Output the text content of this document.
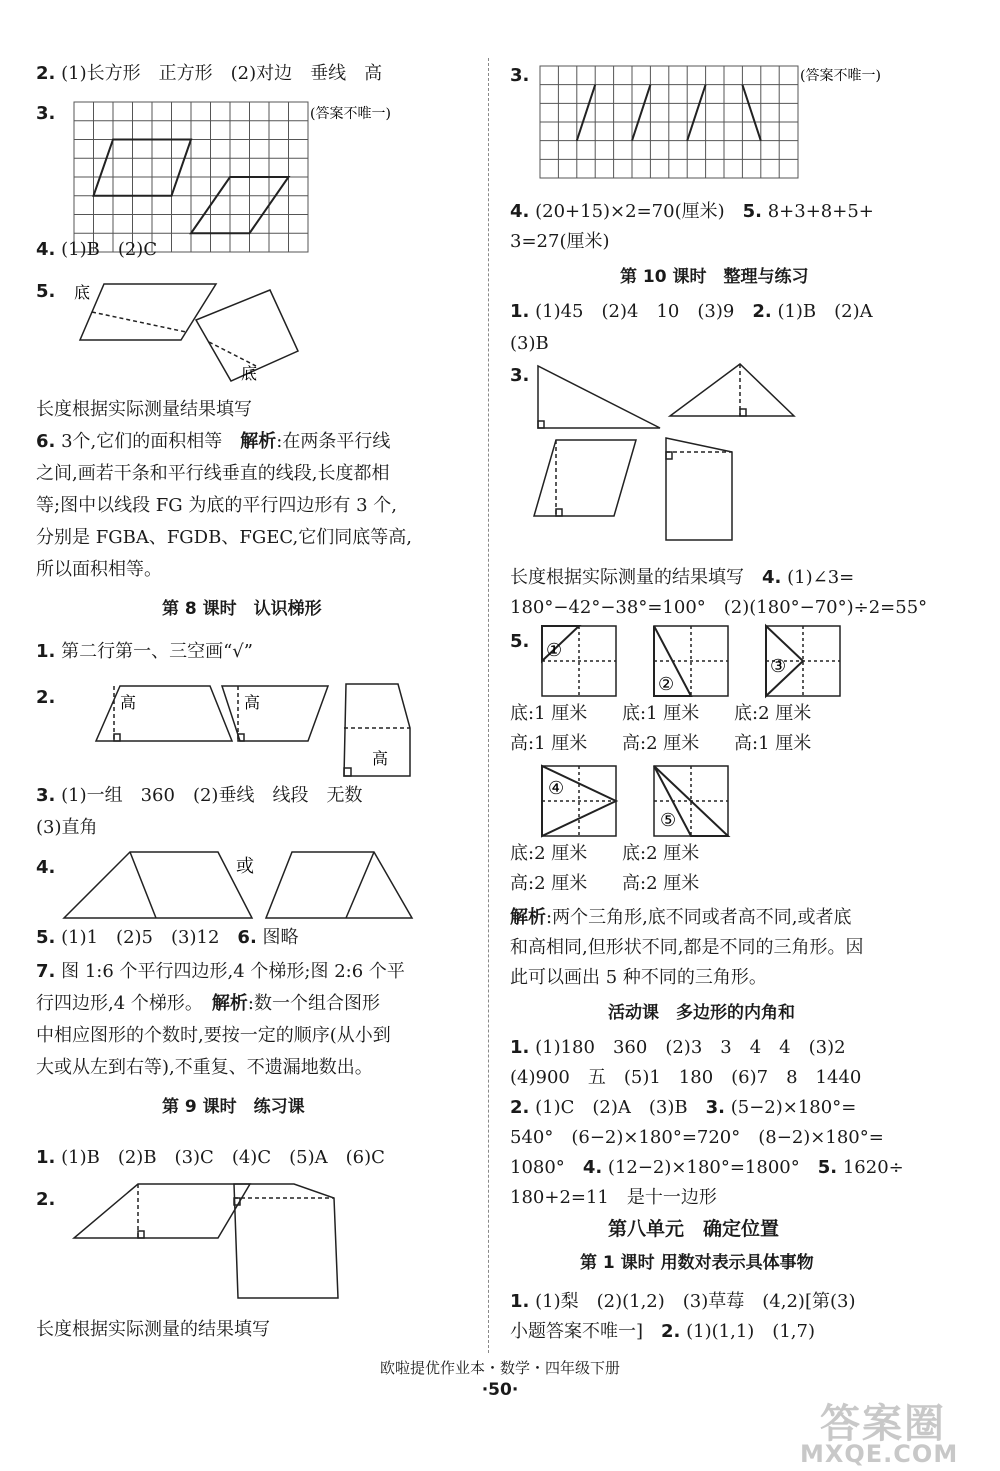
2. (1)长方形　正方形　(2)对边　垂线　高
3.	(答案不唯一)
4. (1)B　(2)C
5. 底
底
长度根据实际测量结果填写
6. 3个,它们的面积相等　解析:在两条平行线
之间,画若干条和平行线垂直的线段,长度都相
等;图中以线段 FG 为底的平行四边形有 3 个,
分别是 FGBA、FGDB、FGEC,它们同底等高,
所以面积相等。
第 8 课时　认识梯形
1. 第二行第一、三空画“√”
2.	高	高
高
3. (1)一组　360　(2)垂线　线段　无数
(3)直角
4.	或
5. (1)1　(2)5　(3)12　6. 图略
7. 图 1:6 个平行四边形,4 个梯形;图 2:6 个平
行四边形,4 个梯形。　解析:数一个组合图形
中相应图形的个数时,要按一定的顺序(从小到
大或从左到右等),不重复、不遗漏地数出。
第 9 课时　练习课
1. (1)B　(2)B　(3)C　(4)C　(5)A　(6)C
2.
长度根据实际测量的结果填写
3.	(答案不唯一)
4. (20+15)×2=70(厘米)　5. 8+3+8+5+
3=27(厘米)
第 10 课时　整理与练习
1. (1)45　(2)4　10　(3)9　2. (1)B　(2)A
(3)B
3.
长度根据实际测量的结果填写　4. (1)∠3=
180°−42°−38°=100°　(2)(180°−70°)÷2=55°
5. ①
②
③
底:1 厘米 底:1 厘米 底:2 厘米
高:1 厘米 高:2 厘米 高:1 厘米
④
⑤
底:2 厘米 底:2 厘米
高:2 厘米 高:2 厘米
解析:两个三角形,底不同或者高不同,或者底
和高相同,但形状不同,都是不同的三角形。因
此可以画出 5 种不同的三角形。
活动课　多边形的内角和
1. (1)180　360　(2)3　3　4　4　(3)2
(4)900　五　(5)1　180　(6)7　8　1440
2. (1)C　(2)A　(3)B　3. (5−2)×180°=
540°　(6−2)×180°=720°　(8−2)×180°=
1080°　4. (12−2)×180°=1800°　5. 1620÷
180+2=11　是十一边形
第八单元　确定位置
第 1 课时 用数对表示具体事物
1. (1)梨　(2)(1,2)　(3)草莓　(4,2)[第(3)
小题答案不唯一]　2. (1)(1,1)　(1,7)
欧啦提优作业本・数学・四年级下册
·50·
答案圈
MXQE.COM
